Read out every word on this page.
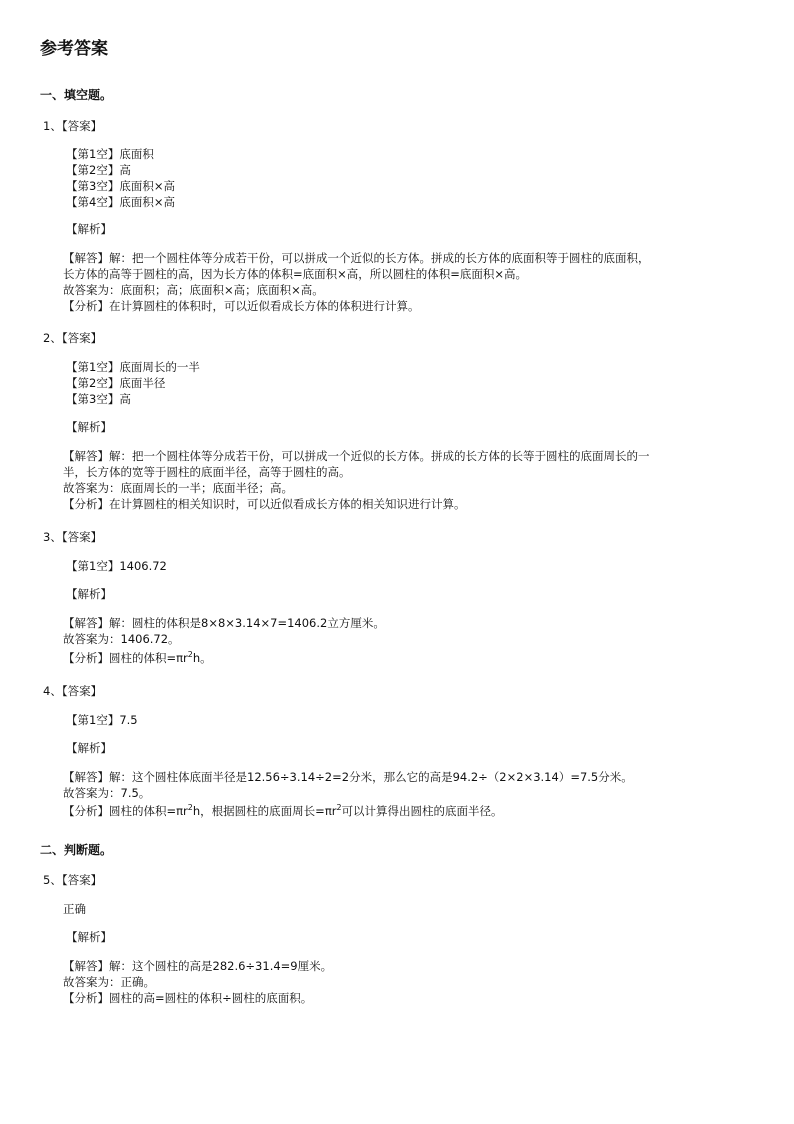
参考答案
一、填空题。
1、【答案】
【第1空】底面积
【第2空】高
【第3空】底面积×高
【第4空】底面积×高
【解析】
【解答】解：把一个圆柱体等分成若干份，可以拼成一个近似的长方体。拼成的长方体的底面积等于圆柱的底面积，
长方体的高等于圆柱的高，因为长方体的体积=底面积×高，所以圆柱的体积=底面积×高。
故答案为：底面积；高；底面积×高；底面积×高。
【分析】在计算圆柱的体积时，可以近似看成长方体的体积进行计算。
2、【答案】
【第1空】底面周长的一半
【第2空】底面半径
【第3空】高
【解析】
【解答】解：把一个圆柱体等分成若干份，可以拼成一个近似的长方体。拼成的长方体的长等于圆柱的底面周长的一
半，长方体的宽等于圆柱的底面半径，高等于圆柱的高。
故答案为：底面周长的一半；底面半径；高。
【分析】在计算圆柱的相关知识时，可以近似看成长方体的相关知识进行计算。
3、【答案】
【第1空】1406.72
【解析】
【解答】解：圆柱的体积是8×8×3.14×7=1406.2立方厘米。
故答案为：1406.72。
【分析】圆柱的体积$=\pi r^2h$。
4、【答案】
【第1空】7.5
【解析】
【解答】解：这个圆柱体底面半径是12.56÷3.14÷2=2分米，那么它的高是94.2÷（2×2×3.14）=7.5分米。
故答案为：7.5。
【分析】圆柱的体积$=\pi r^2h$，根据圆柱的底面周长$=\pi r^2$可以计算得出圆柱的底面半径。
二、判断题。
5、【答案】
正确
【解析】
【解答】解：这个圆柱的高是282.6÷31.4=9厘米。
故答案为：正确。
【分析】圆柱的高=圆柱的体积÷圆柱的底面积。
